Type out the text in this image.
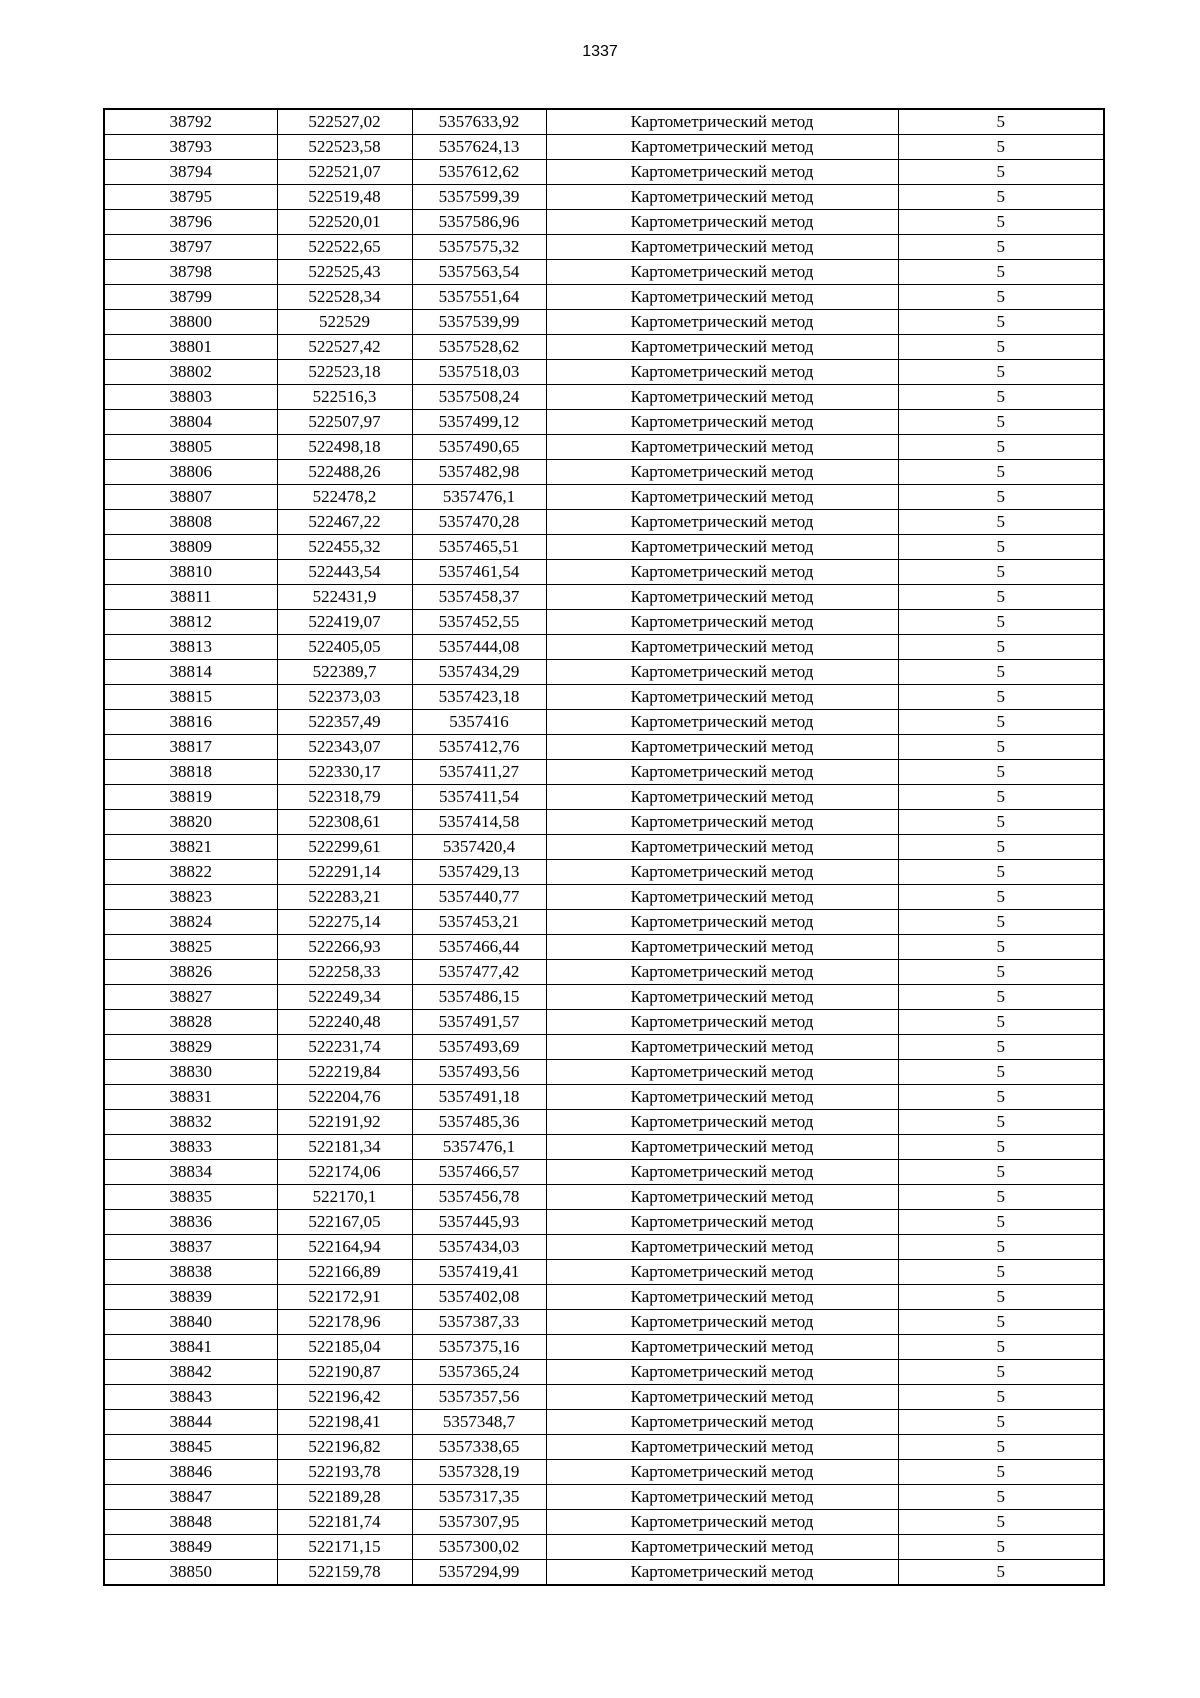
1337
38792	522527,02	5357633,92	Картометрический метод	5
38793	522523,58	5357624,13	Картометрический метод	5
38794	522521,07	5357612,62	Картометрический метод	5
38795	522519,48	5357599,39	Картометрический метод	5
38796	522520,01	5357586,96	Картометрический метод	5
38797	522522,65	5357575,32	Картометрический метод	5
38798	522525,43	5357563,54	Картометрический метод	5
38799	522528,34	5357551,64	Картометрический метод	5
38800	522529	5357539,99	Картометрический метод	5
38801	522527,42	5357528,62	Картометрический метод	5
38802	522523,18	5357518,03	Картометрический метод	5
38803	522516,3	5357508,24	Картометрический метод	5
38804	522507,97	5357499,12	Картометрический метод	5
38805	522498,18	5357490,65	Картометрический метод	5
38806	522488,26	5357482,98	Картометрический метод	5
38807	522478,2	5357476,1	Картометрический метод	5
38808	522467,22	5357470,28	Картометрический метод	5
38809	522455,32	5357465,51	Картометрический метод	5
38810	522443,54	5357461,54	Картометрический метод	5
38811	522431,9	5357458,37	Картометрический метод	5
38812	522419,07	5357452,55	Картометрический метод	5
38813	522405,05	5357444,08	Картометрический метод	5
38814	522389,7	5357434,29	Картометрический метод	5
38815	522373,03	5357423,18	Картометрический метод	5
38816	522357,49	5357416	Картометрический метод	5
38817	522343,07	5357412,76	Картометрический метод	5
38818	522330,17	5357411,27	Картометрический метод	5
38819	522318,79	5357411,54	Картометрический метод	5
38820	522308,61	5357414,58	Картометрический метод	5
38821	522299,61	5357420,4	Картометрический метод	5
38822	522291,14	5357429,13	Картометрический метод	5
38823	522283,21	5357440,77	Картометрический метод	5
38824	522275,14	5357453,21	Картометрический метод	5
38825	522266,93	5357466,44	Картометрический метод	5
38826	522258,33	5357477,42	Картометрический метод	5
38827	522249,34	5357486,15	Картометрический метод	5
38828	522240,48	5357491,57	Картометрический метод	5
38829	522231,74	5357493,69	Картометрический метод	5
38830	522219,84	5357493,56	Картометрический метод	5
38831	522204,76	5357491,18	Картометрический метод	5
38832	522191,92	5357485,36	Картометрический метод	5
38833	522181,34	5357476,1	Картометрический метод	5
38834	522174,06	5357466,57	Картометрический метод	5
38835	522170,1	5357456,78	Картометрический метод	5
38836	522167,05	5357445,93	Картометрический метод	5
38837	522164,94	5357434,03	Картометрический метод	5
38838	522166,89	5357419,41	Картометрический метод	5
38839	522172,91	5357402,08	Картометрический метод	5
38840	522178,96	5357387,33	Картометрический метод	5
38841	522185,04	5357375,16	Картометрический метод	5
38842	522190,87	5357365,24	Картометрический метод	5
38843	522196,42	5357357,56	Картометрический метод	5
38844	522198,41	5357348,7	Картометрический метод	5
38845	522196,82	5357338,65	Картометрический метод	5
38846	522193,78	5357328,19	Картометрический метод	5
38847	522189,28	5357317,35	Картометрический метод	5
38848	522181,74	5357307,95	Картометрический метод	5
38849	522171,15	5357300,02	Картометрический метод	5
38850	522159,78	5357294,99	Картометрический метод	5
